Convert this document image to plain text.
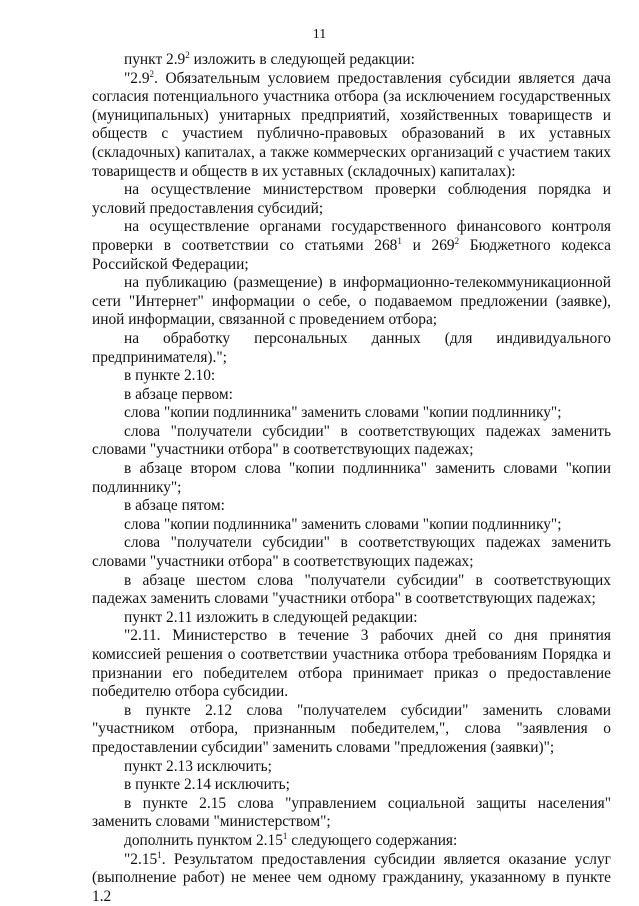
11

пункт $2.9^2$ изложить в следующей редакции:

"$2.9^2$. Обязательным условием предоставления субсидии является дача согласия потенциального участника отбора (за исключением государственных (муниципальных) унитарных предприятий, хозяйственных товариществ и обществ с участием публично-правовых образований в их уставных (складочных) капиталах, а также коммерческих организаций с участием таких товариществ и обществ в их уставных (складочных) капиталах):

на осуществление министерством проверки соблюдения порядка и условий предоставления субсидий;

на осуществление органами государственного финансового контроля проверки в соответствии со статьями $268^1$ и $269^2$ Бюджетного кодекса Российской Федерации;

на публикацию (размещение) в информационно-телекоммуникационной сети "Интернет" информации о себе, о подаваемом предложении (заявке), иной информации, связанной с проведением отбора;

на обработку персональных данных (для индивидуального предпринимателя).";

в пункте 2.10:

в абзаце первом:

слова "копии подлинника" заменить словами "копии подлиннику";

слова "получатели субсидии" в соответствующих падежах заменить словами "участники отбора" в соответствующих падежах;

в абзаце втором слова "копии подлинника" заменить словами "копии подлиннику";

в абзаце пятом:

слова "копии подлинника" заменить словами "копии подлиннику";

слова "получатели субсидии" в соответствующих падежах заменить словами "участники отбора" в соответствующих падежах;

в абзаце шестом слова "получатели субсидии" в соответствующих падежах заменить словами "участники отбора" в соответствующих падежах;

пункт 2.11 изложить в следующей редакции:

"2.11. Министерство в течение 3 рабочих дней со дня принятия комиссией решения о соответствии участника отбора требованиям Порядка и признании его победителем отбора принимает приказ о предоставление победителю отбора субсидии.

в пункте 2.12 слова "получателем субсидии" заменить словами "участником отбора, признанным победителем,", слова "заявления о предоставлении субсидии" заменить словами "предложения (заявки)";

пункт 2.13 исключить;

в пункте 2.14 исключить;

в пункте 2.15 слова "управлением социальной защиты населения" заменить словами "министерством";

дополнить пунктом 2.15$^1$ следующего содержания:

"2.15$^1$. Результатом предоставления субсидии является оказание услуг (выполнение работ) не менее чем одному гражданину, указанному в пункте 1.2
